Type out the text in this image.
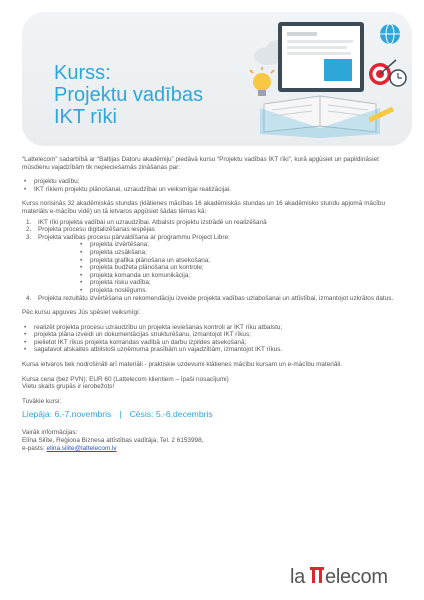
Kurss:
Projektu vadības
IKT rīki

“Lattelecom” sadarbībā ar “Baltijas Datoru akadēmiju” piedāvā kursu “Projektu vadības IKT rīki”, kurā apgūsiet un papildināsiet mūsdienu vajadzībām tik nepieciešamās zināšanas par:

• projektu vadību;
• IKT rīkiem projektu plānošanai, uzraudzībai un veiksmīgai realizācijai.

Kurss norisinās 32 akadēmiskās stundas (klātienes mācības 16 akadēmiskās stundas un 16 akadēmisko stundu apjomā mācību materiāls e-mācību vidē) un tā ietvaros apgūsiet šādas tēmas kā:

1. IKT rīki projekta vadībai un uzraudzībai. Atbalsts projektu izstrādē un realizēšanā
2. Projekta procesu digitalizēšanas iespējas
3. Projekta vadības procesu pārvaldīšana ar programmu Project Libre:
• projekta izvērtēšana;
• projekta uzsākšana;
• projekta grafika plānošana un atsekošana;
• projekta budžeta plānošana un kontrole;
• projekta komanda un komunikācija;
• projekta risku vadība;
• projekta noslēgums.
4. Projekta rezultātu izvērtēšana un rekomendāciju izveide projekta vadības uzlabošanai un attīstībai, izmantojot uzkrātos datus.

Pēc kursu apguves Jūs spēsiet veiksmīgi:

• realizēt projekta procesu uzraudzību un projekta ieviešanas kontroli ar IKT rīku atbalstu;
• projekta plāna izveidi un dokumentācijas strukturēšanu, izmantojot IKT rīkus;
• pielietot IKT rīkus projekta komandas vadībā un darbu izpildes atsekošanā;
• sagatavot atskaites atbilstoši uzņēmuma prasībām un vajadzībām, izmantojot IKT rīkus.

Kursa ietvaros tiek nodrošināti arī materiāli - praktiskie uzdevumi klātienes mācību kursam un e-mācību materiāli.

Kursa cena (bez PVN): EUR 60 (Lattelecom klientiem – īpaši nosacījumi)
Vietu skaits grupās ir ierobežots!

Tuvākie kursi:

Liepāja: 6.-7.novembris | Cēsis: 5.-6.decembris

Vairāk informācijas:
Elīna Silīte, Reģiona Biznesa attīstības vadītāja, Tel. 2 6153998,
e-pasts: elina.silite@lattelecom.lv

la elecom
